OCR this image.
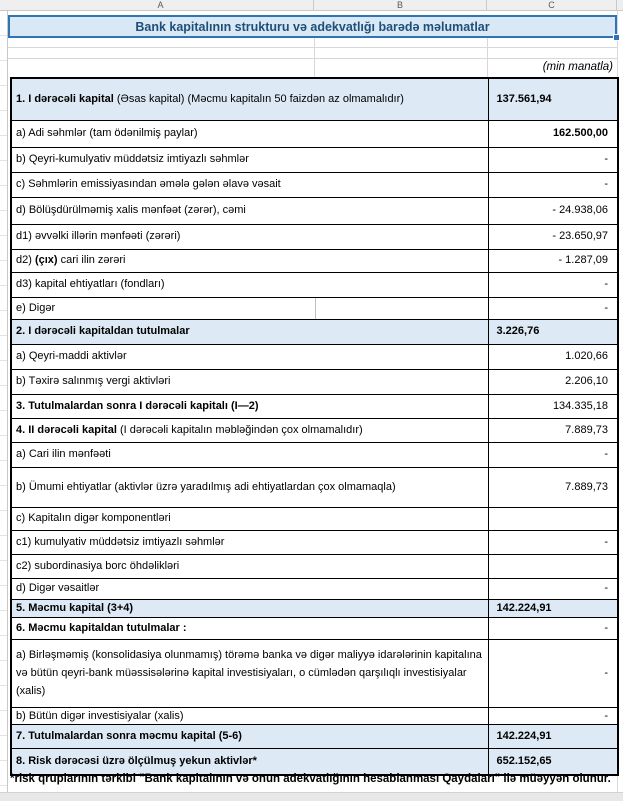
A	B	C
Bank kapitalının strukturu və adekvatlığı barədə məlumatlar
(min manatla)
1. I dərəcəli kapital (Əsas kapital) (Məcmu kapitalın 50 faizdən az olmamalıdır)	137.561,94
a) Adi səhmlər (tam ödənilmiş paylar)	162.500,00
b) Qeyri-kumulyativ müddətsiz imtiyazlı səhmlər	-
c) Səhmlərin emissiyasından əmələ gələn əlavə vəsait	-
d) Bölüşdürülməmiş xalis mənfəət (zərər), cəmi	- 24.938,06
d1) əvvəlki illərin mənfəəti (zərəri)	- 23.650,97
d2) (çıx) cari ilin zərəri	- 1.287,09
d3) kapital ehtiyatları (fondları)	-
e) Digər	-
2. I dərəcəli kapitaldan tutulmalar	3.226,76
a) Qeyri-maddi aktivlər	1.020,66
b) Təxirə salınmış vergi aktivləri	2.206,10
3. Tutulmalardan sonra I dərəcəli kapitalı (I—2)	134.335,18
4. II dərəcəli kapital (I dərəcəli kapitalın məbləğindən çox olmamalıdır)	7.889,73
a) Cari ilin mənfəəti	-
b) Ümumi ehtiyatlar (aktivlər üzrə yaradılmış adi ehtiyatlardan çox olmamaqla)	7.889,73
c) Kapitalın digər komponentləri	
c1) kumulyativ müddətsiz imtiyazlı səhmlər	-
c2) subordinasiya borc öhdəlikləri	
d) Digər vəsaitlər	-
5. Məcmu kapital (3+4)	142.224,91
6. Məcmu kapitaldan tutulmalar :	-
a) Birləşməmiş (konsolidasiya olunmamış) törəmə banka və digər maliyyə idarələrinin kapitalına və bütün qeyri-bank müəssisələrinə kapital investisiyaları, o cümlədən qarşılıqlı investisiyalar (xalis)	-
b) Bütün digər investisiyalar (xalis)	-
7. Tutulmalardan sonra məcmu kapital (5-6)	142.224,91
8. Risk dərəcəsi üzrə ölçülmuş yekun aktivlər*	652.152,65
*risk qruplarının tərkibi "Bank kapitalının və onun adekvatlığının hesablanması Qaydaları" ilə müəyyən olunur.
